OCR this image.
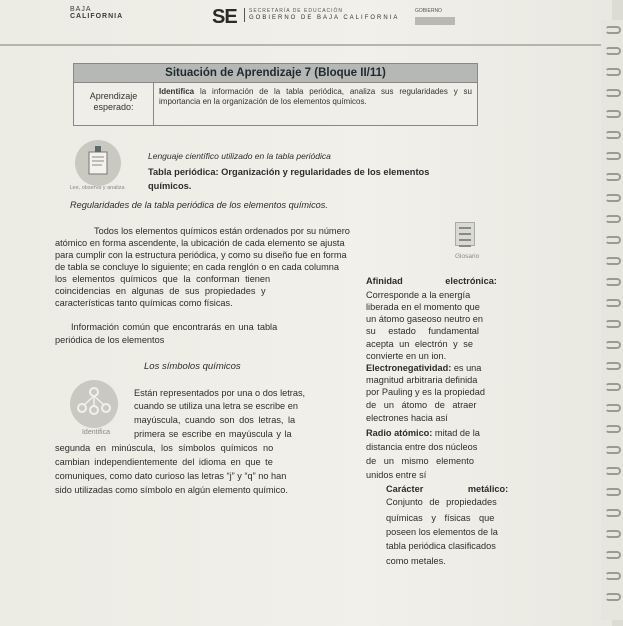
BAJA
CALIFORNIA	SE SECRETARÍA DE EDUCACIÓN
GOBIERNO DE BAJA CALIFORNIA
GOBIERNO
Situación de Aprendizaje 7 (Bloque II/11)
Aprendizaje
esperado:
Identifica la información de la tabla periódica, analiza sus regularidades y su importancia en la organización de los elementos químicos.
Lee, observa y analiza
Lenguaje científico utilizado en la tabla periódica
Tabla periódica: Organización y regularidades de los elementos
químicos.
Regularidades de la tabla periódica de los elementos químicos.
Todos los elementos químicos están ordenados por su número
atómico en forma ascendente, la ubicación de cada elemento se ajusta
para cumplir con la estructura periódica, y como su diseño fue en forma
de tabla se concluye lo siguiente; en cada renglón o en cada columna
los elementos químicos que la conforman tienen
coincidencias en algunas de sus propiedades y
características tanto químicas como físicas.
Información común que encontrarás en una tabla
periódica de los elementos
Los símbolos químicos
Identifica
Están representados por una o dos letras,
cuando se utiliza una letra se escribe en
mayúscula, cuando son dos letras, la
primera se escribe en mayúscula y la
segunda en minúscula, los símbolos químicos no
cambian independientemente del idioma en que te
comuniques, como dato curioso las letras “j” y “q” no han
sido utilizadas como símbolo en algún elemento químico.
Glosario
Afinidad electrónica:
Corresponde a la energía
liberada en el momento que
un átomo gaseoso neutro en
su estado fundamental
acepta un electrón y se
convierte en un ion.
Electronegatividad: es una
magnitud arbitraria definida
por Pauling y es la propiedad
de un átomo de atraer
electrones hacia así
Radio atómico: mitad de la
distancia entre dos núcleos
de un mismo elemento
unidos entre sí
Carácter metálico:
Conjunto de propiedades
químicas y físicas que
poseen los elementos de la
tabla periódica clasificados
como metales.
